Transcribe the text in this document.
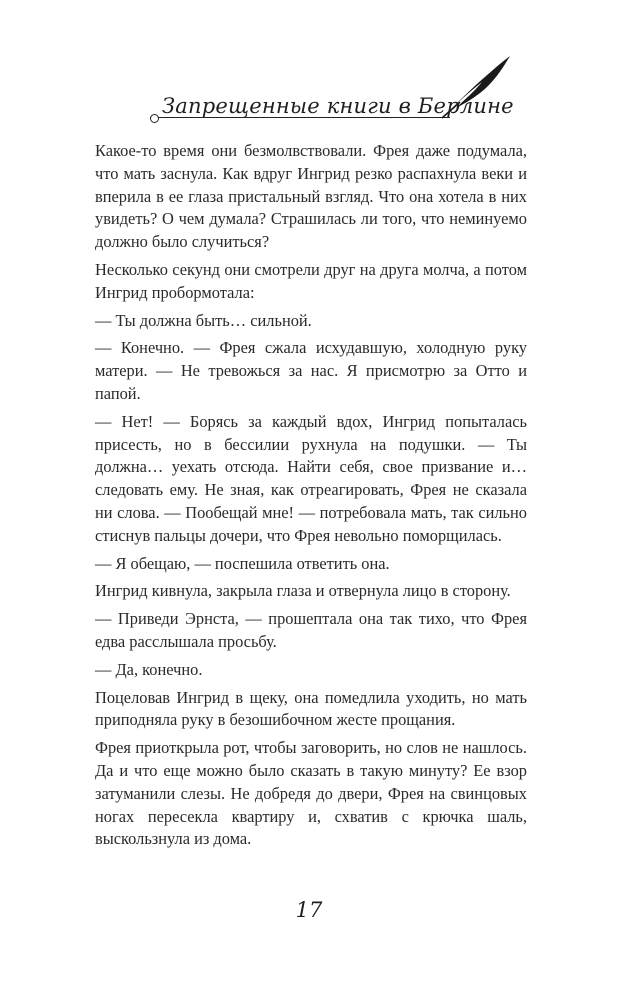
Запрещенные книги в Берлине

Какое-то время они безмолвствовали. Фрея даже подумала, что мать заснула. Как вдруг Ингрид резко распахнула веки и вперила в ее глаза пристальный взгляд. Что она хотела в них увидеть? О чем думала? Страшилась ли того, что неминуемо должно было случиться?

Несколько секунд они смотрели друг на друга молча, а потом Ингрид пробормотала:

— Ты должна быть… сильной.

— Конечно. — Фрея сжала исхудавшую, холодную руку матери. — Не тревожься за нас. Я присмотрю за Отто и папой.

— Нет! — Борясь за каждый вдох, Ингрид попыталась присесть, но в бессилии рухнула на подушки. — Ты должна… уехать отсюда. Найти себя, свое призвание и… следовать ему. Не зная, как отреагировать, Фрея не сказала ни слова. — Пообещай мне! — потребовала мать, так сильно стиснув пальцы дочери, что Фрея невольно поморщилась.

— Я обещаю, — поспешила ответить она.

Ингрид кивнула, закрыла глаза и отвернула лицо в сторону.

— Приведи Эрнста, — прошептала она так тихо, что Фрея едва расслышала просьбу.

— Да, конечно.

Поцеловав Ингрид в щеку, она помедлила уходить, но мать приподняла руку в безошибочном жесте прощания.

Фрея приоткрыла рот, чтобы заговорить, но слов не нашлось. Да и что еще можно было сказать в такую минуту? Ее взор затуманили слезы. Не добредя до двери, Фрея на свинцовых ногах пересекла квартиру и, схватив с крючка шаль, выскользнула из дома.

17
